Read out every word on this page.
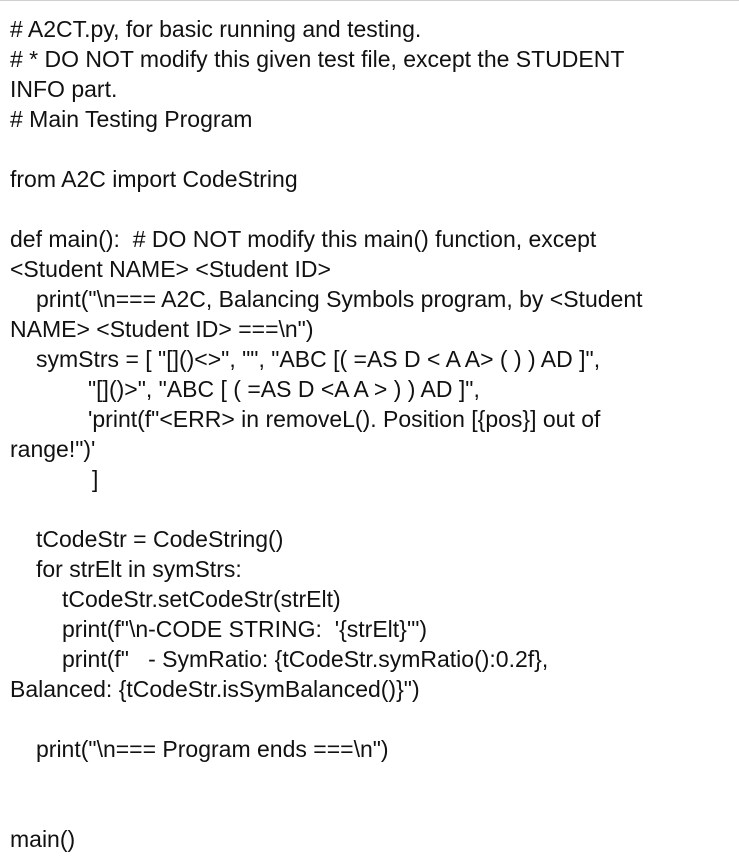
# A2CT.py, for basic running and testing.
# * DO NOT modify this given test file, except the STUDENT
INFO part.
# Main Testing Program
from A2C import CodeString
def main():  # DO NOT modify this main() function, except
<Student NAME> <Student ID>
print("\n=== A2C, Balancing Symbols program, by <Student
NAME> <Student ID> ===\n")
symStrs = [ "[]()<>", "", "ABC [( =AS D < A A> ( ) ) AD ]",
"[]()>", "ABC [ ( =AS D <A A > ) ) AD ]",
'print(f"<ERR> in removeL(). Position [{pos}] out of
range!")'
]
tCodeStr = CodeString()
for strElt in symStrs:
tCodeStr.setCodeStr(strElt)
print(f"\n-CODE STRING:  '{strElt}'")
print(f"   - SymRatio: {tCodeStr.symRatio():0.2f},
Balanced: {tCodeStr.isSymBalanced()}")
print("\n=== Program ends ===\n")
main()
